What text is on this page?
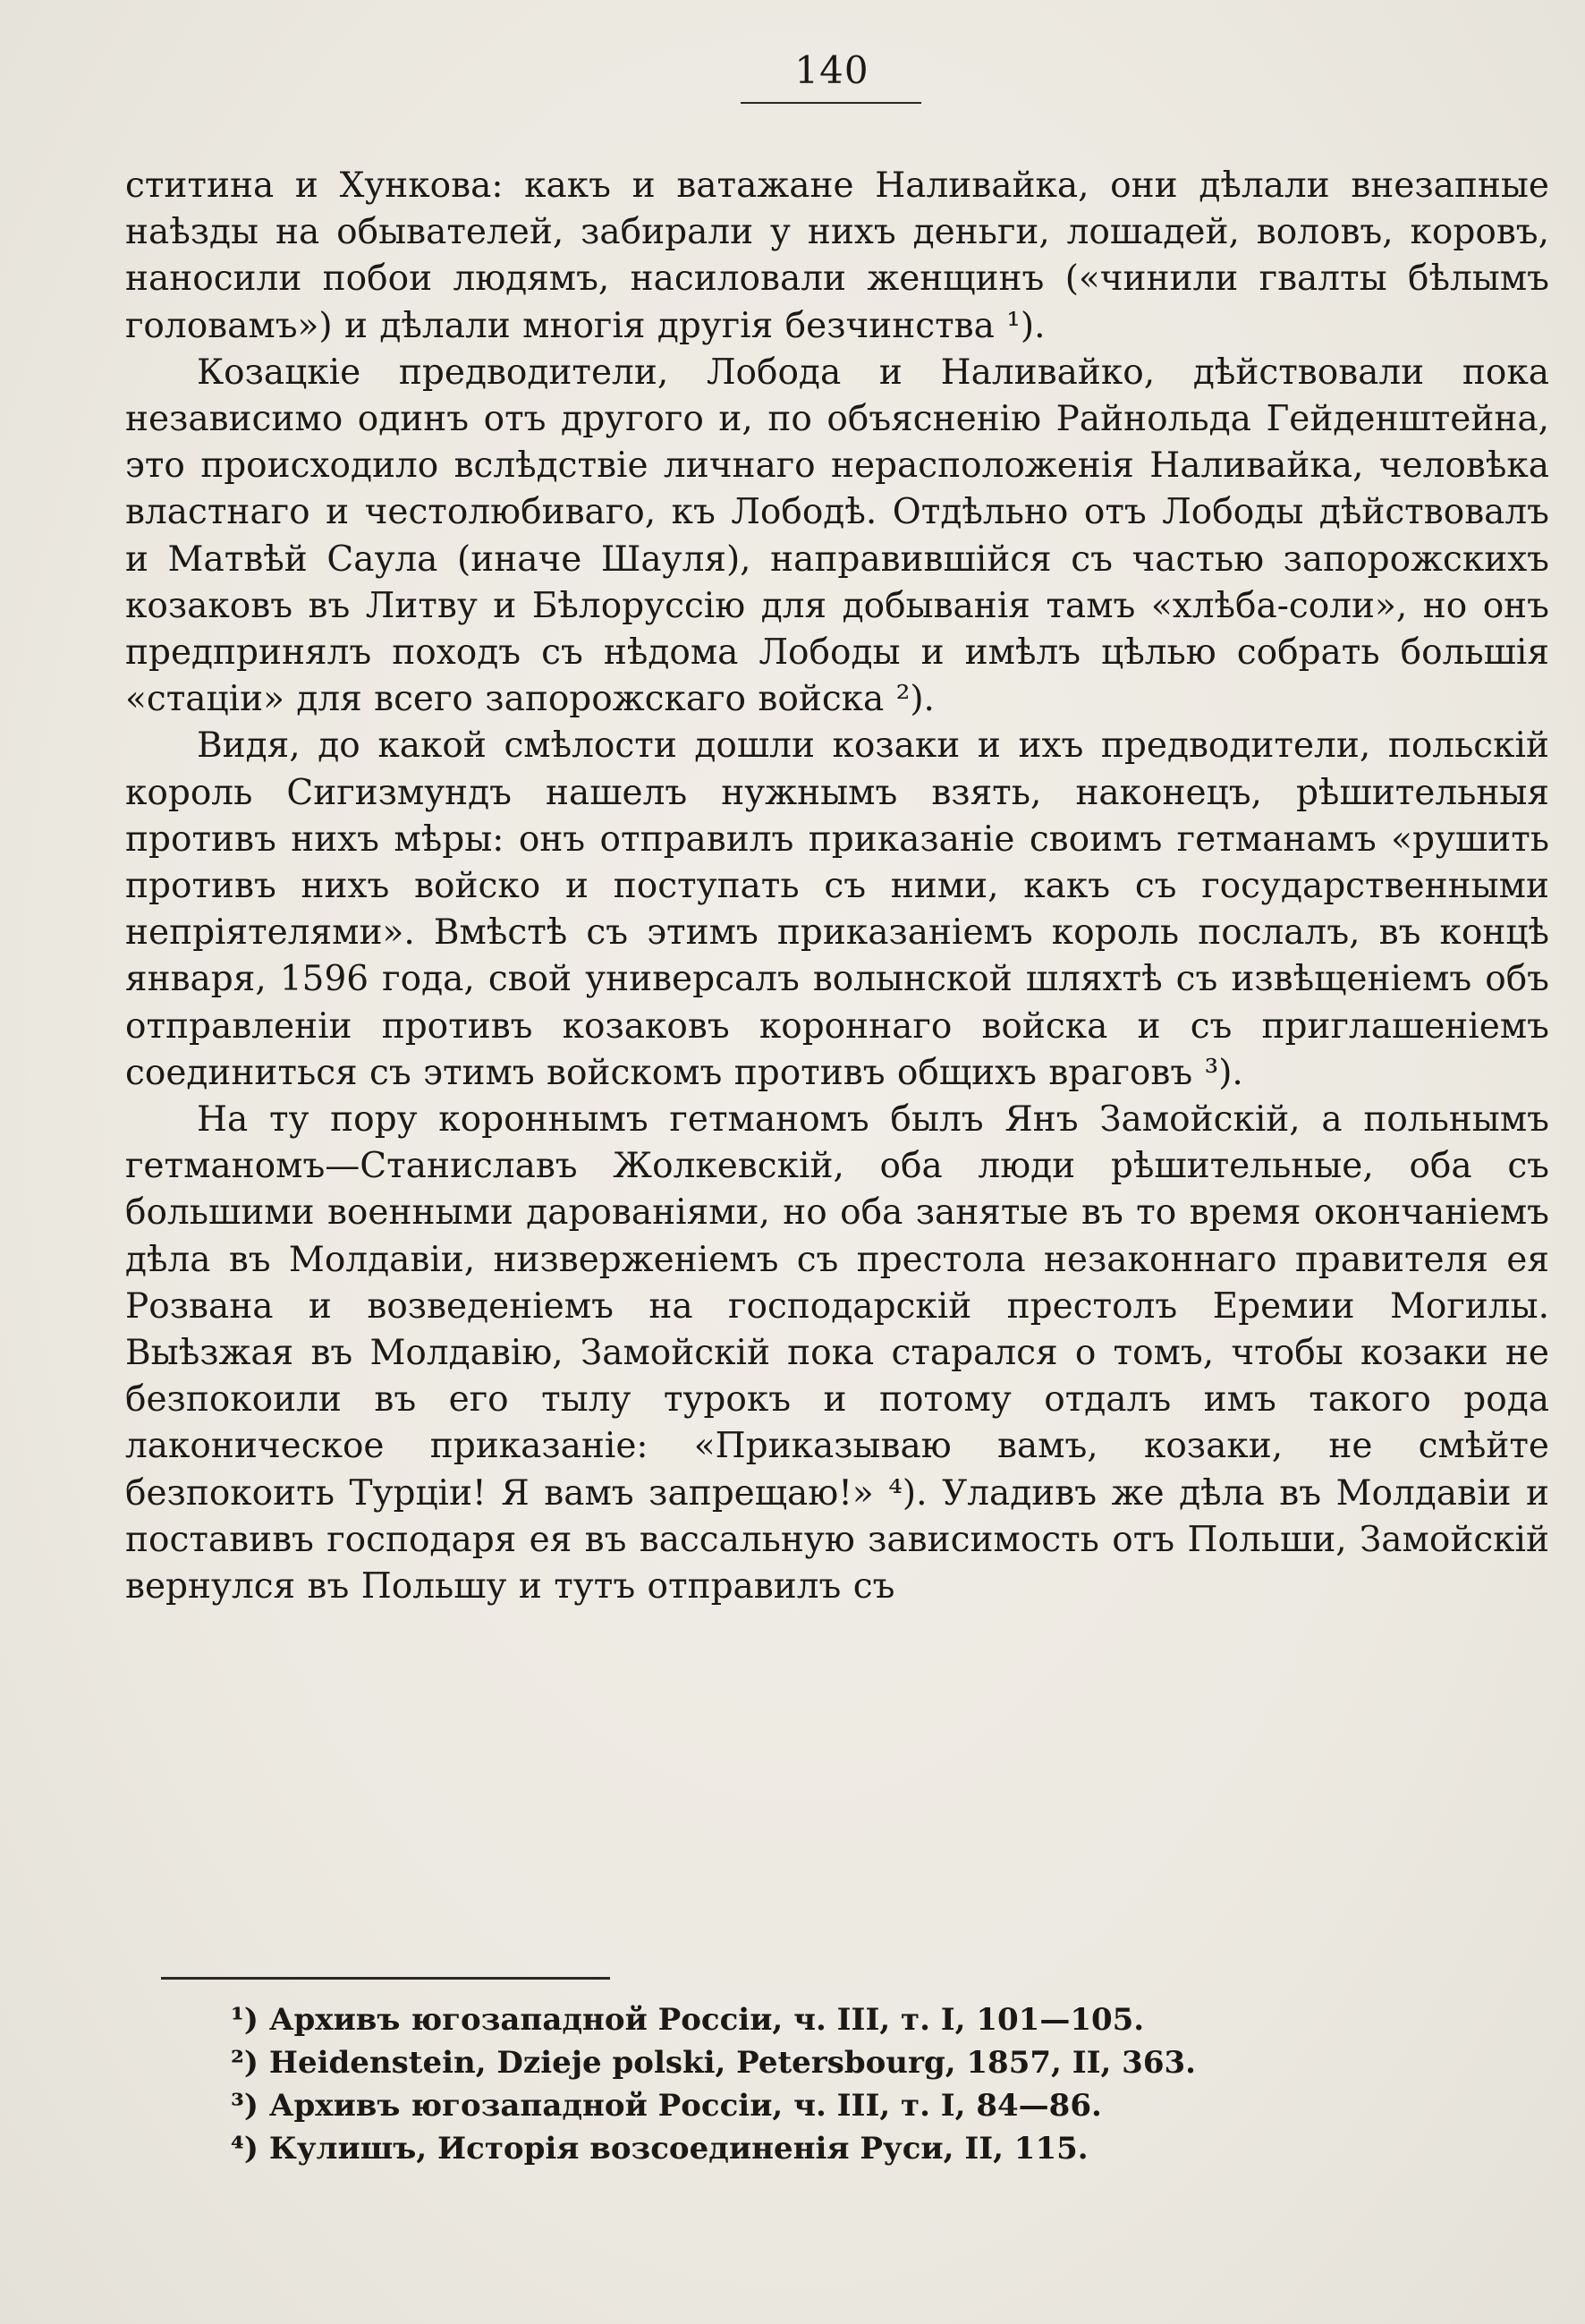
140

ститина и Хункова: какъ и ватажане Наливайка, они дѣлали внезапные наѣзды на обывателей, забирали у нихъ деньги, лошадей, воловъ, коровъ, наносили побои людямъ, насиловали женщинъ («чинили гвалты бѣлымъ головамъ») и дѣлали многія другія безчинства ¹).

Козацкіе предводители, Лобода и Наливайко, дѣйствовали пока независимо одинъ отъ другого и, по объясненію Райнольда Гейденштейна, это происходило вслѣдствіе личнаго нерасположенія Наливайка, человѣка властнаго и честолюбиваго, къ Лободѣ. Отдѣльно отъ Лободы дѣйствовалъ и Матвѣй Саула (иначе Шауля), направившійся съ частью запорожскихъ козаковъ въ Литву и Бѣлоруссію для добыванія тамъ «хлѣба-соли», но онъ предпринялъ походъ съ нѣдома Лободы и имѣлъ цѣлью собрать большія «стаціи» для всего запорожскаго войска ²).

Видя, до какой смѣлости дошли козаки и ихъ предводители, польскій король Сигизмундъ нашелъ нужнымъ взять, наконецъ, рѣшительныя противъ нихъ мѣры: онъ отправилъ приказаніе своимъ гетманамъ «рушить противъ нихъ войско и поступать съ ними, какъ съ государственными непріятелями». Вмѣстѣ съ этимъ приказаніемъ король послалъ, въ концѣ января, 1596 года, свой универсалъ волынской шляхтѣ съ извѣщеніемъ объ отправленіи противъ козаковъ короннаго войска и съ приглашеніемъ соединиться съ этимъ войскомъ противъ общихъ враговъ ³).

На ту пору короннымъ гетманомъ былъ Янъ Замойскій, а польнымъ гетманомъ—Станиславъ Жолкевскій, оба люди рѣшительные, оба съ большими военными дарованіями, но оба занятые въ то время окончаніемъ дѣла въ Молдавіи, низверженіемъ съ престола незаконнаго правителя ея Розвана и возведеніемъ на господарскій престолъ Еремии Могилы. Выѣзжая въ Молдавію, Замойскій пока старался о томъ, чтобы козаки не безпокоили въ его тылу турокъ и потому отдалъ имъ такого рода лаконическое приказаніе: «Приказываю вамъ, козаки, не смѣйте безпокоить Турціи! Я вамъ запрещаю!» ⁴). Уладивъ же дѣла въ Молдавіи и поставивъ господаря ея въ вассальную зависимость отъ Польши, Замойскій вернулся въ Польшу и тутъ отправилъ съ

¹) Архивъ югозападной Россіи, ч. III, т. I, 101—105.

²) Heidenstein, Dzieje polski, Petersbourg, 1857, II, 363.

³) Архивъ югозападной Россіи, ч. III, т. I, 84—86.

⁴) Кулишъ, Исторія возсоединенія Руси, II, 115.
